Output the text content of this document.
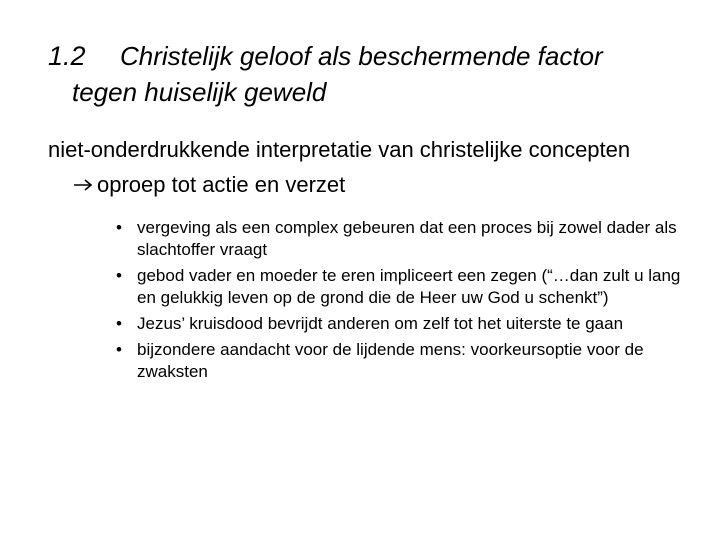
1.2 Christelijk geloof als beschermende factor
tegen huiselijk geweld
niet-onderdrukkende interpretatie van christelijke concepten
oproep tot actie en verzet
• vergeving als een complex gebeuren dat een proces bij zowel dader als slachtoffer vraagt
• gebod vader en moeder te eren impliceert een zegen (“…dan zult u lang en gelukkig leven op de grond die de Heer uw God u schenkt”)
• Jezus’ kruisdood bevrijdt anderen om zelf tot het uiterste te gaan
• bijzondere aandacht voor de lijdende mens: voorkeursoptie voor de zwaksten
